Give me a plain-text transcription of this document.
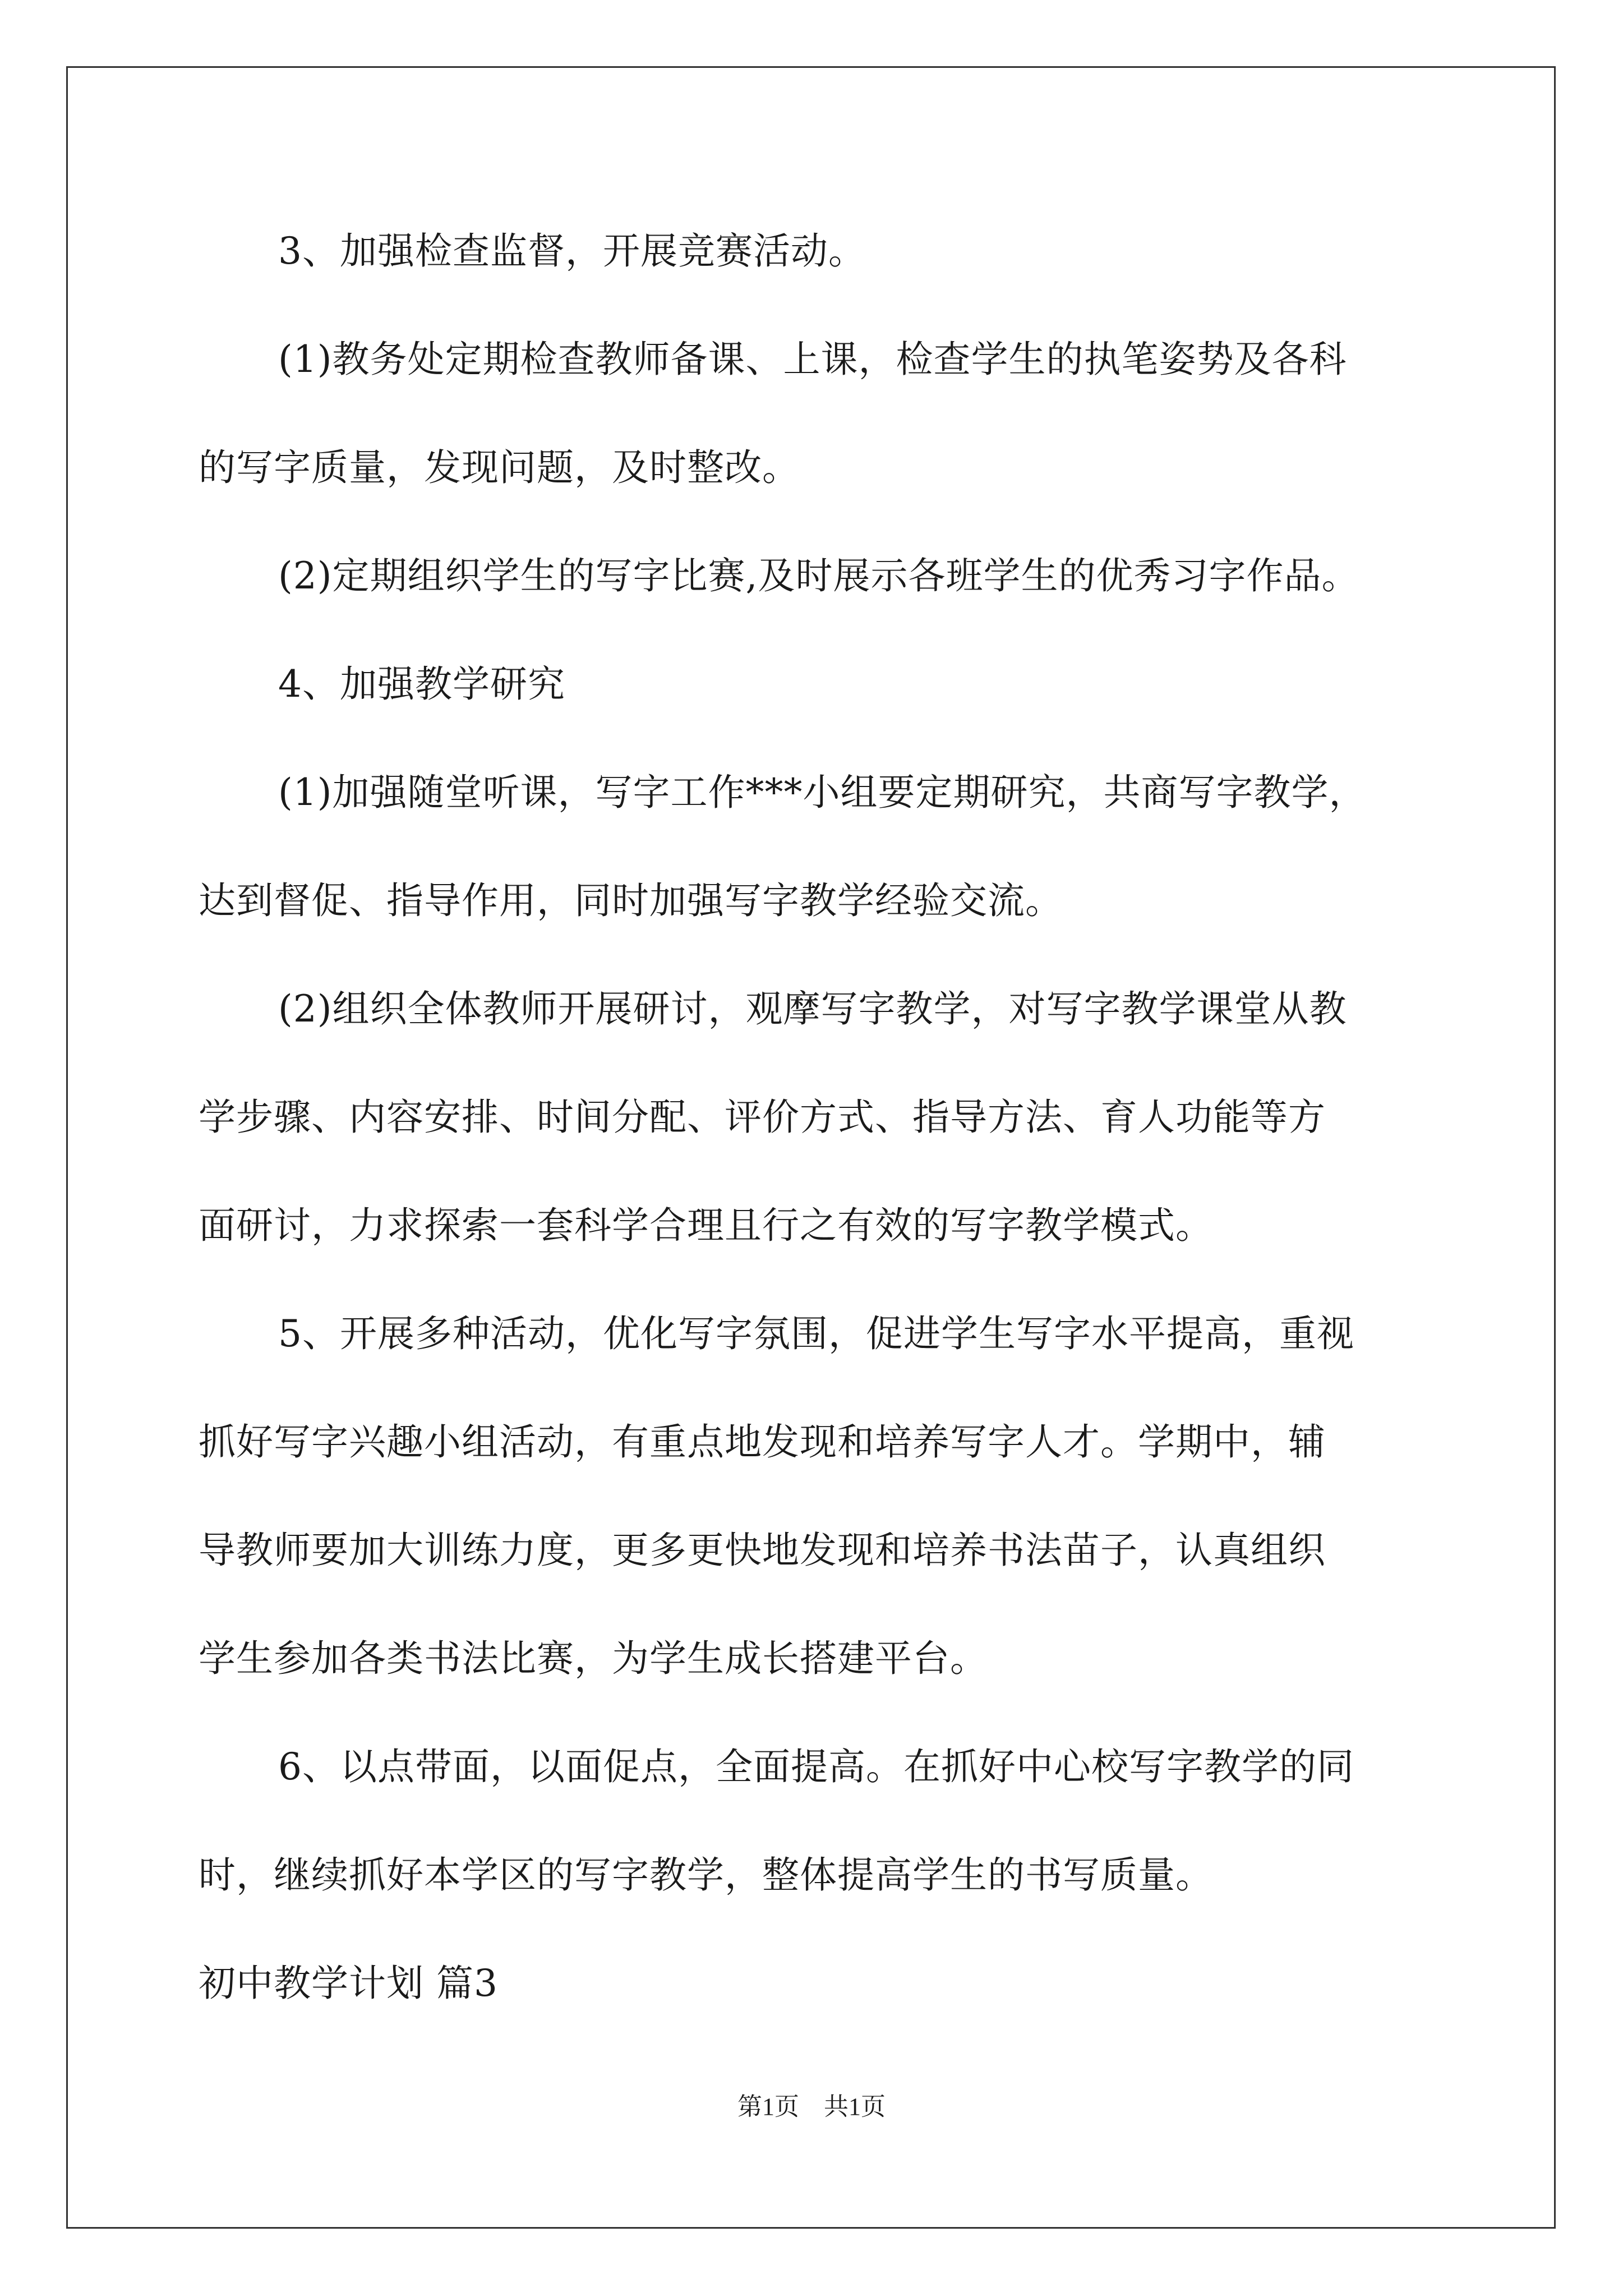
3、加强检查监督，开展竞赛活动。
(1)教务处定期检查教师备课、上课，检查学生的执笔姿势及各科
的写字质量，发现问题，及时整改。
(2)定期组织学生的写字比赛,及时展示各班学生的优秀习字作品。
4、加强教学研究
(1)加强随堂听课，写字工作***小组要定期研究，共商写字教学，
达到督促、指导作用，同时加强写字教学经验交流。
(2)组织全体教师开展研讨，观摩写字教学，对写字教学课堂从教
学步骤、内容安排、时间分配、评价方式、指导方法、育人功能等方
面研讨，力求探索一套科学合理且行之有效的写字教学模式。
5、开展多种活动，优化写字氛围，促进学生写字水平提高，重视
抓好写字兴趣小组活动，有重点地发现和培养写字人才。学期中，辅
导教师要加大训练力度，更多更快地发现和培养书法苗子，认真组织
学生参加各类书法比赛，为学生成长搭建平台。
6、以点带面，以面促点，全面提高。在抓好中心校写字教学的同
时，继续抓好本学区的写字教学，整体提高学生的书写质量。
初中教学计划 篇3
第1页　共1页
